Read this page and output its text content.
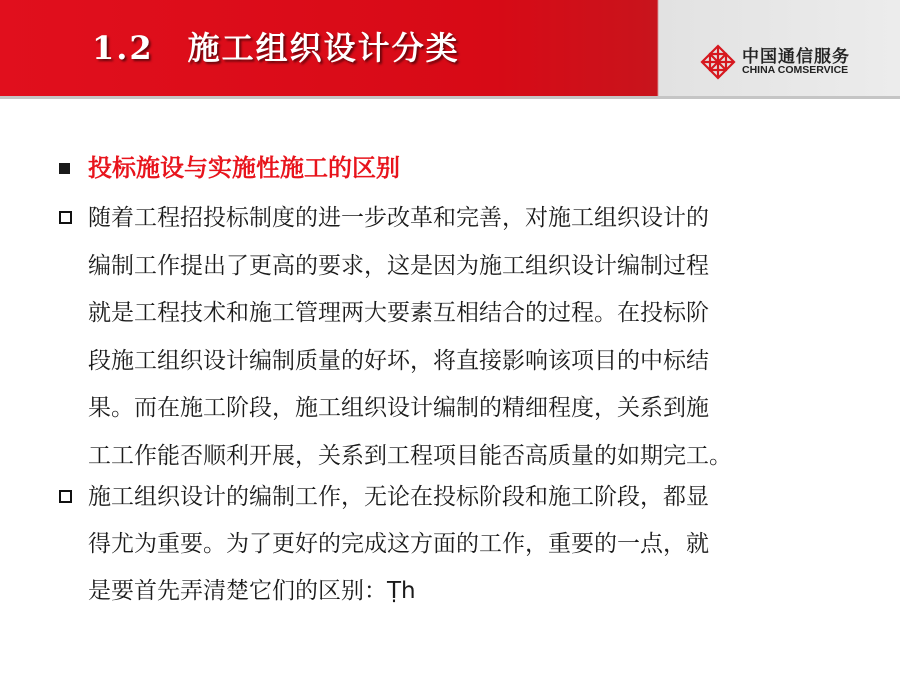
1.2 施工组织设计分类	中国通信服务
CHINA COMSERVICE
投标施设与实施性施工的区别
随着工程招投标制度的进一步改革和完善，对施工组织设计的
编制工作提出了更高的要求，这是因为施工组织设计编制过程
就是工程技术和施工管理两大要素互相结合的过程。在投标阶
段施工组织设计编制质量的好坏，将直接影响该项目的中标结
果。而在施工阶段，施工组织设计编制的精细程度，关系到施
工工作能否顺利开展，关系到工程项目能否高质量的如期完工。
施工组织设计的编制工作，无论在投标阶段和施工阶段，都显
得尤为重要。为了更好的完成这方面的工作，重要的一点，就
是要首先弄清楚它们的区别：Ṭh
